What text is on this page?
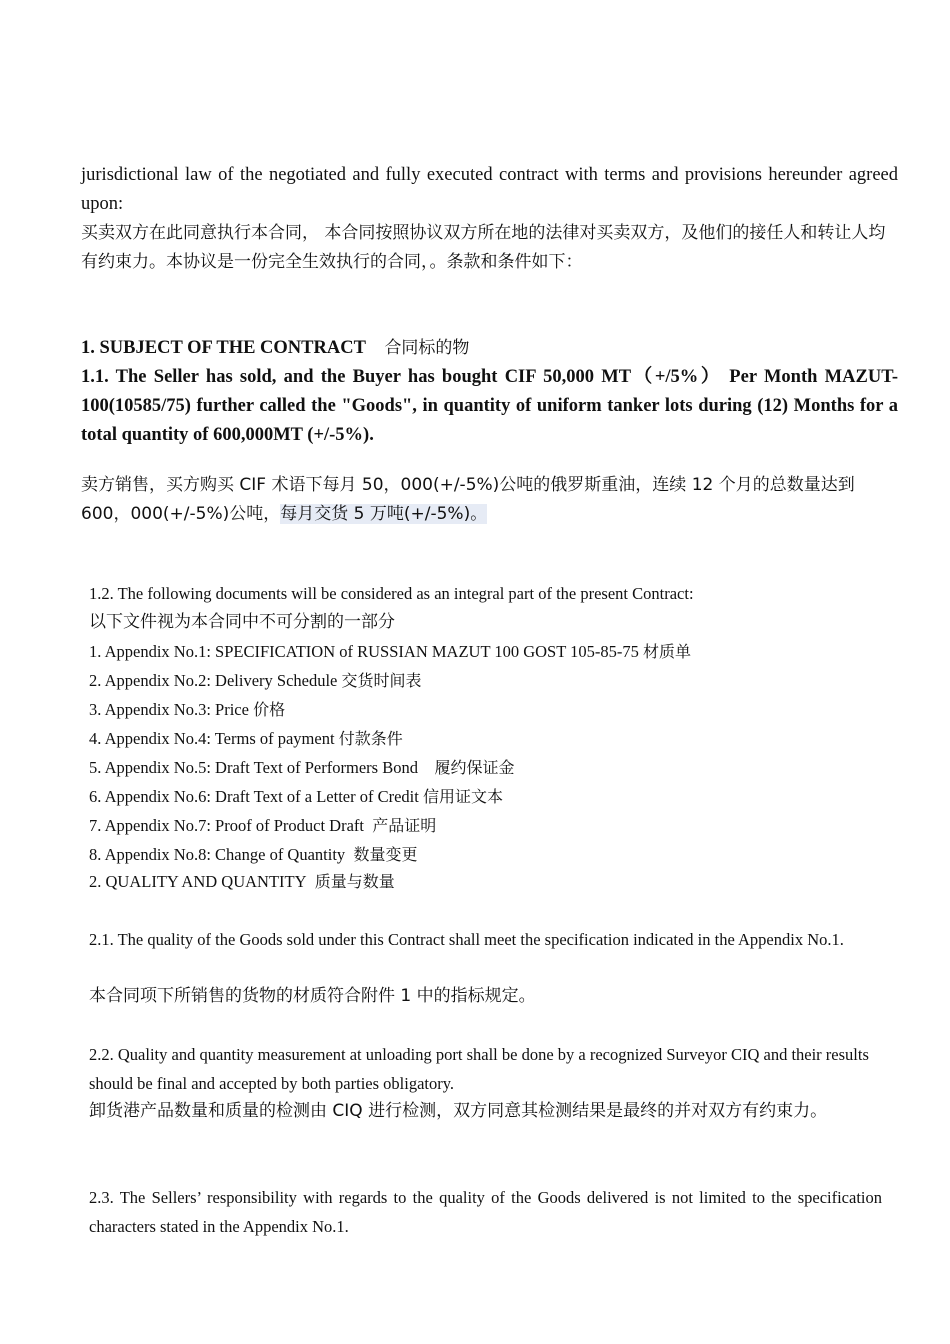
jurisdictional law of the negotiated and fully executed contract with terms and provisions hereunder agreed upon:

买卖双方在此同意执行本合同， 本合同按照协议双方所在地的法律对买卖双方，及他们的接任人和转让人均有约束力。本协议是一份完全生效执行的合同，。条款和条件如下：

1. SUBJECT OF THE CONTRACT 合同标的物

1.1. The Seller has sold, and the Buyer has bought CIF 50,000 MT（+/5%） Per Month MAZUT-100(10585/75) further called the "Goods", in quantity of uniform tanker lots during (12) Months for a total quantity of 600,000MT (+/-5%).

卖方销售，买方购买 CIF 术语下每月 50，000(+/-5%)公吨的俄罗斯重油，连续 12 个月的总数量达到 600，000(+/-5%)公吨，每月交货 5 万吨(+/-5%)。

1.2. The following documents will be considered as an integral part of the present Contract:

以下文件视为本合同中不可分割的一部分

1. Appendix No.1: SPECIFICATION of RUSSIAN MAZUT 100 GOST 105-85-75 材质单
2. Appendix No.2: Delivery Schedule 交货时间表
3. Appendix No.3: Price 价格
4. Appendix No.4: Terms of payment 付款条件
5. Appendix No.5: Draft Text of Performers Bond 履约保证金
6. Appendix No.6: Draft Text of a Letter of Credit 信用证文本
7. Appendix No.7: Proof of Product Draft 产品证明
8. Appendix No.8: Change of Quantity 数量变更

2. QUALITY AND QUANTITY 质量与数量

2.1. The quality of the Goods sold under this Contract shall meet the specification indicated in the Appendix No.1.

本合同项下所销售的货物的材质符合附件 1 中的指标规定。

2.2. Quality and quantity measurement at unloading port shall be done by a recognized Surveyor CIQ and their results should be final and accepted by both parties obligatory.

卸货港产品数量和质量的检测由 CIQ 进行检测，双方同意其检测结果是最终的并对双方有约束力。

2.3. The Sellers’ responsibility with regards to the quality of the Goods delivered is not limited to the specification characters stated in the Appendix No.1.
